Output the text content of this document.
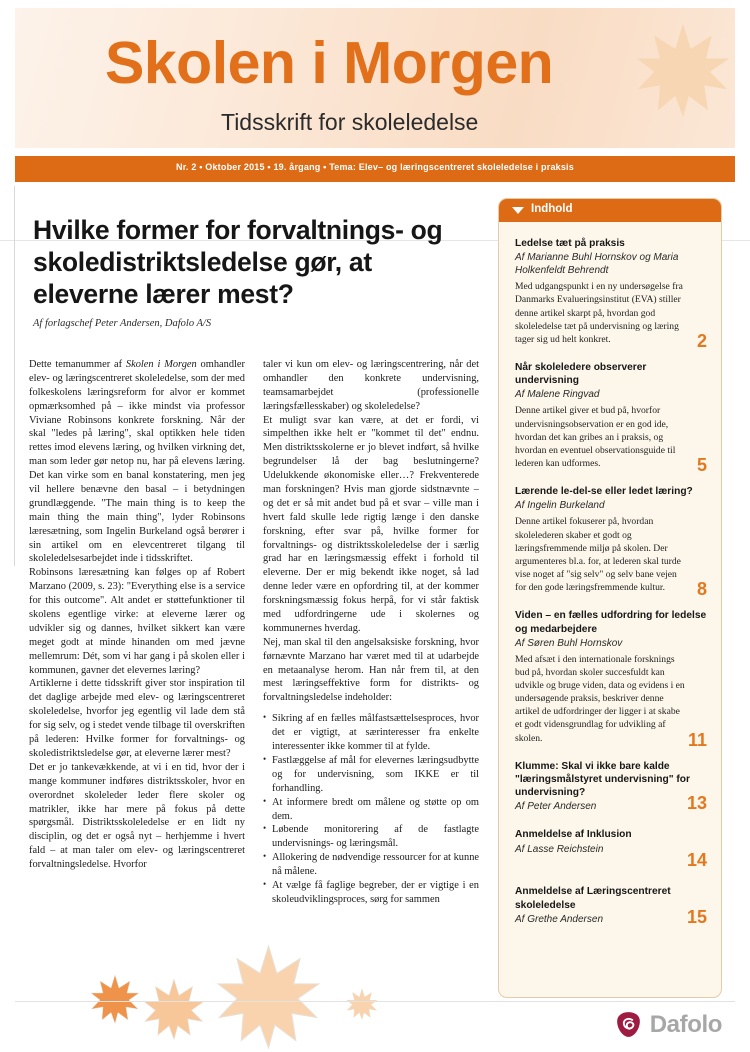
Skolen i Morgen
Tidsskrift for skoleledelse
Nr. 2 • Oktober 2015 • 19. årgang • Tema: Elev– og læringscentreret skoleledelse i praksis
Hvilke former for forvaltnings- og skoledistriktsledelse gør, at eleverne lærer mest?
Af forlagschef Peter Andersen, Dafolo A/S

Dette temanummer af Skolen i Morgen omhandler elev- og læringscentreret skoleledelse, som der med folkeskolens læringsreform for alvor er kommet opmærksomhed på – ikke mindst via professor Viviane Robinsons konkrete forskning. Når der skal "ledes på læring", skal optikken hele tiden rettes imod elevens læring, og hvilken virkning det, man som leder gør netop nu, har på elevens læring. Det kan virke som en banal konstatering, men jeg vil hellere benævne den basal – i betydningen grundlæggende. "The main thing is to keep the main thing the main thing", lyder Robinsons læresætning, som Ingelin Burkeland også berører i sin artikel om en elevcentreret tilgang til skoleledelsesarbejdet inde i tidsskriftet.

Robinsons læresætning kan følges op af Robert Marzano (2009, s. 23): "Everything else is a service for this outcome". Alt andet er støttefunktioner til skolens egentlige virke: at eleverne lærer og udvikler sig og dannes, hvilket sikkert kan være meget godt at minde hinanden om med jævne mellemrum: Dét, som vi har gang i på skolen eller i kommunen, gavner det elevernes læring?

Artiklerne i dette tidsskrift giver stor inspiration til det daglige arbejde med elev- og læringscentreret skoleledelse, hvorfor jeg egentlig vil lade dem stå for sig selv, og i stedet vende tilbage til overskriften på lederen: Hvilke former for forvaltnings- og skoledistriktsledelse gør, at eleverne lærer mest?

Det er jo tankevækkende, at vi i en tid, hvor der i mange kommuner indføres distriktsskoler, hvor en overordnet skoleleder leder flere skoler og matrikler, ikke har mere på fokus på dette spørgsmål. Distriktsskoleledelse er en lidt ny disciplin, og det er også nyt – herhjemme i hvert fald – at man taler om elev- og læringscentreret forvaltningsledelse. Hvorfor

taler vi kun om elev- og læringscentrering, når det omhandler den konkrete undervisning, teamsamarbejdet (professionelle læringsfællesskaber) og skoleledelse?

Et muligt svar kan være, at det er fordi, vi simpelthen ikke helt er "kommet til det" endnu. Men distriktsskolerne er jo blevet indført, så hvilke begrundelser lå der bag beslutningerne? Udelukkende økonomiske eller…? Frekventerede man forskningen? Hvis man gjorde sidstnævnte – og det er så mit andet bud på et svar – ville man i hvert fald skulle lede rigtig længe i den danske forskning, efter svar på, hvilke former for forvaltnings- og distriktsskoleledelse der i særlig grad har en læringsmæssig effekt i forhold til eleverne. Der er mig bekendt ikke noget, så lad denne leder være en opfordring til, at der kommer forskningsmæssig fokus herpå, for vi står faktisk med udfordringerne ude i skolernes og kommunernes hverdag.

Nej, man skal til den angelsaksiske forskning, hvor førnævnte Marzano har været med til at udarbejde en metaanalyse herom. Han når frem til, at den mest læringseffektive form for distrikts- og forvaltningsledelse indeholder:

• Sikring af en fælles målfastsættelsesproces, hvor det er vigtigt, at særinteresser fra enkelte interessenter ikke kommer til at fylde.
• Fastlæggelse af mål for elevernes læringsudbytte og for undervisning, som IKKE er til forhandling.
• At informere bredt om målene og støtte op om dem.
• Løbende monitorering af de fastlagte undervisnings- og læringsmål.
• Allokering de nødvendige ressourcer for at kunne nå målene.
• At vælge få faglige begreber, der er vigtige i en skoleudviklingsproces, sørg for sammen
Indhold
Ledelse tæt på praksis
Af Marianne Buhl Hornskov og Maria Holkenfeldt Behrendt
Med udgangspunkt i en ny undersøgelse fra Danmarks Evalueringsinstitut (EVA) stiller denne artikel skarpt på, hvordan god skoleledelse tæt på undervisning og læring tager sig ud helt konkret.	2
Når skoleledere observerer undervisning
Af Malene Ringvad
Denne artikel giver et bud på, hvorfor undervisningsobservation er en god ide, hvordan det kan gribes an i praksis, og hvordan en eventuel observationsguide til lederen kan udformes.	5
Lærende le-del-se eller ledet læring?
Af Ingelin Burkeland
Denne artikel fokuserer på, hvordan skolelederen skaber et godt og læringsfremmende miljø på skolen. Der argumenteres bl.a. for, at lederen skal turde vise noget af "sig selv" og selv bane vejen for den gode læringsfremmende kultur.	8
Viden – en fælles udfordring for ledelse og medarbejdere
Af Søren Buhl Hornskov
Med afsæt i den internationale forsknings bud på, hvordan skoler succesfuldt kan udvikle og bruge viden, data og evidens i en undersøgende praksis, beskriver denne artikel de udfordringer der ligger i at skabe et godt vidensgrundlag for udvikling af skolen.	11
Klumme: Skal vi ikke bare kalde "læringsmålstyret undervisning" for undervisning?
Af Peter Andersen	13
Anmeldelse af Inklusion
Af Lasse Reichstein
14
Anmeldelse af Læringscentreret skoleledelse
Af Grethe Andersen	15
Dafolo
